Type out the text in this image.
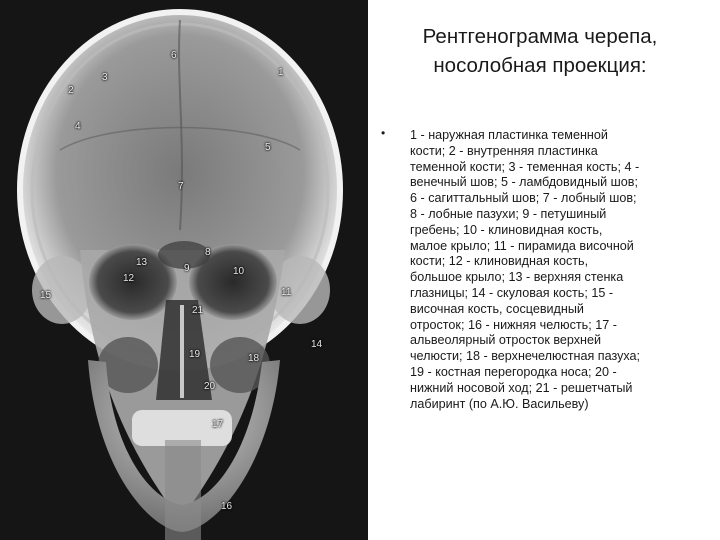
6
1
3
2
4
5
7
8
13
9	10
12
11
15
21
14
19	18
20
17
16
Рентгенограмма черепа,
носолобная проекция:
• 1 - наружная пластинка теменной
кости; 2 - внутренняя пластинка
теменной кости; 3 - теменная кость; 4 -
венечный шов; 5 - ламбдовидный шов;
6 - сагиттальный шов; 7 - лобный шов;
8 - лобные пазухи; 9 - петушиный
гребень; 10 - клиновидная кость,
малое крыло; 11 - пирамида височной
кости; 12 - клиновидная кость,
большое крыло; 13 - верхняя стенка
глазницы; 14 - скуловая кость; 15 -
височная кость, сосцевидный
отросток; 16 - нижняя челюсть; 17 -
альвеолярный отросток верхней
челюсти; 18 - верхнечелюстная пазуха;
19 - костная перегородка носа; 20 -
нижний носовой ход; 21 - решетчатый
лабиринт (по А.Ю. Васильеву)
